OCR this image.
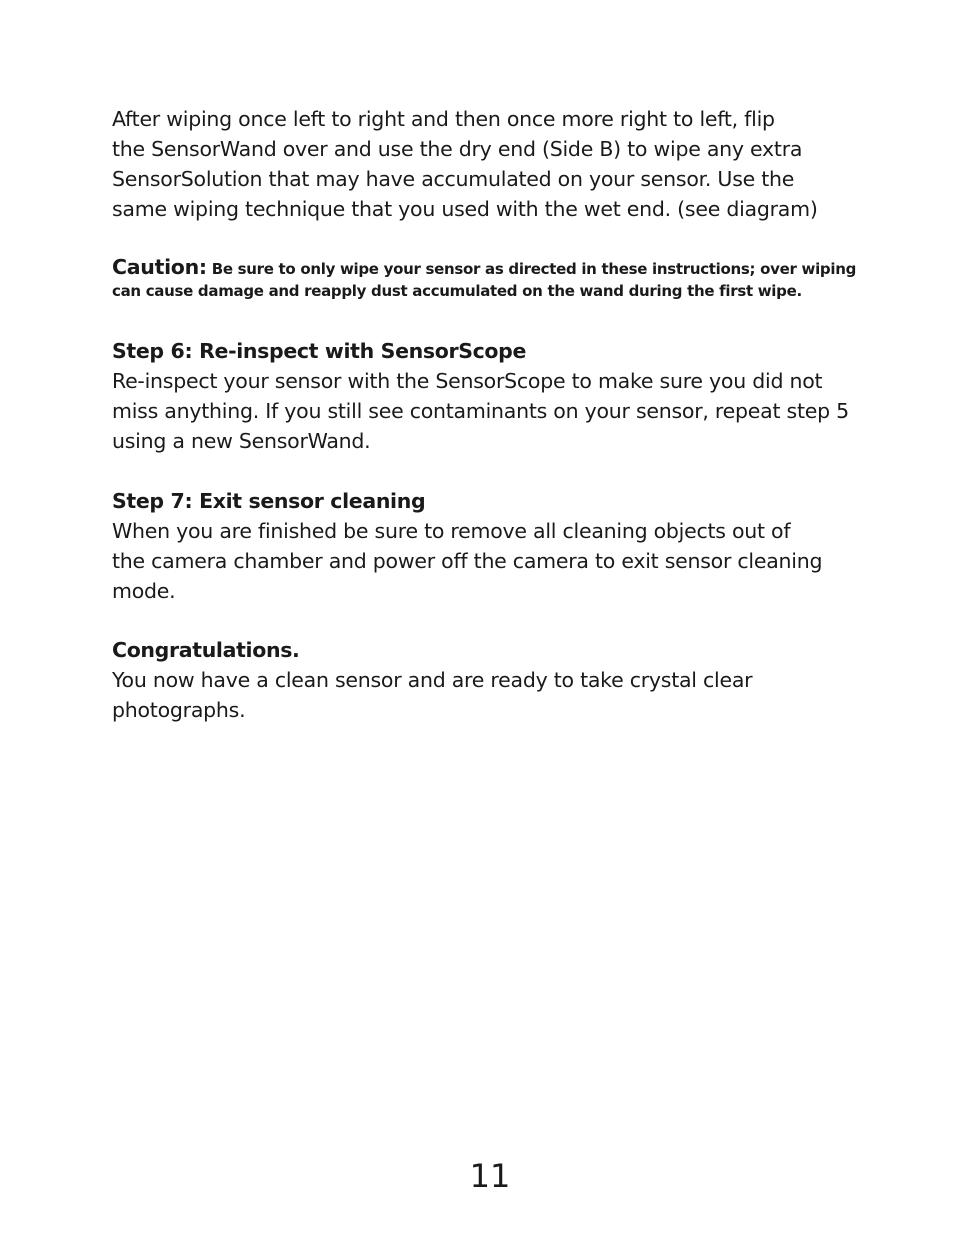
After wiping once left to right and then once more right to left, flip
the SensorWand over and use the dry end (Side B) to wipe any extra
SensorSolution that may have accumulated on your sensor. Use the
same wiping technique that you used with the wet end. (see diagram)
Caution: Be sure to only wipe your sensor as directed in these instructions; over wiping
can cause damage and reapply dust accumulated on the wand during the first wipe.
Step 6: Re-inspect with SensorScope
Re-inspect your sensor with the SensorScope to make sure you did not
miss anything. If you still see contaminants on your sensor, repeat step 5
using a new SensorWand.
Step 7: Exit sensor cleaning
When you are finished be sure to remove all cleaning objects out of
the camera chamber and power off the camera to exit sensor cleaning
mode.
Congratulations.
You now have a clean sensor and are ready to take crystal clear
photographs.
11
